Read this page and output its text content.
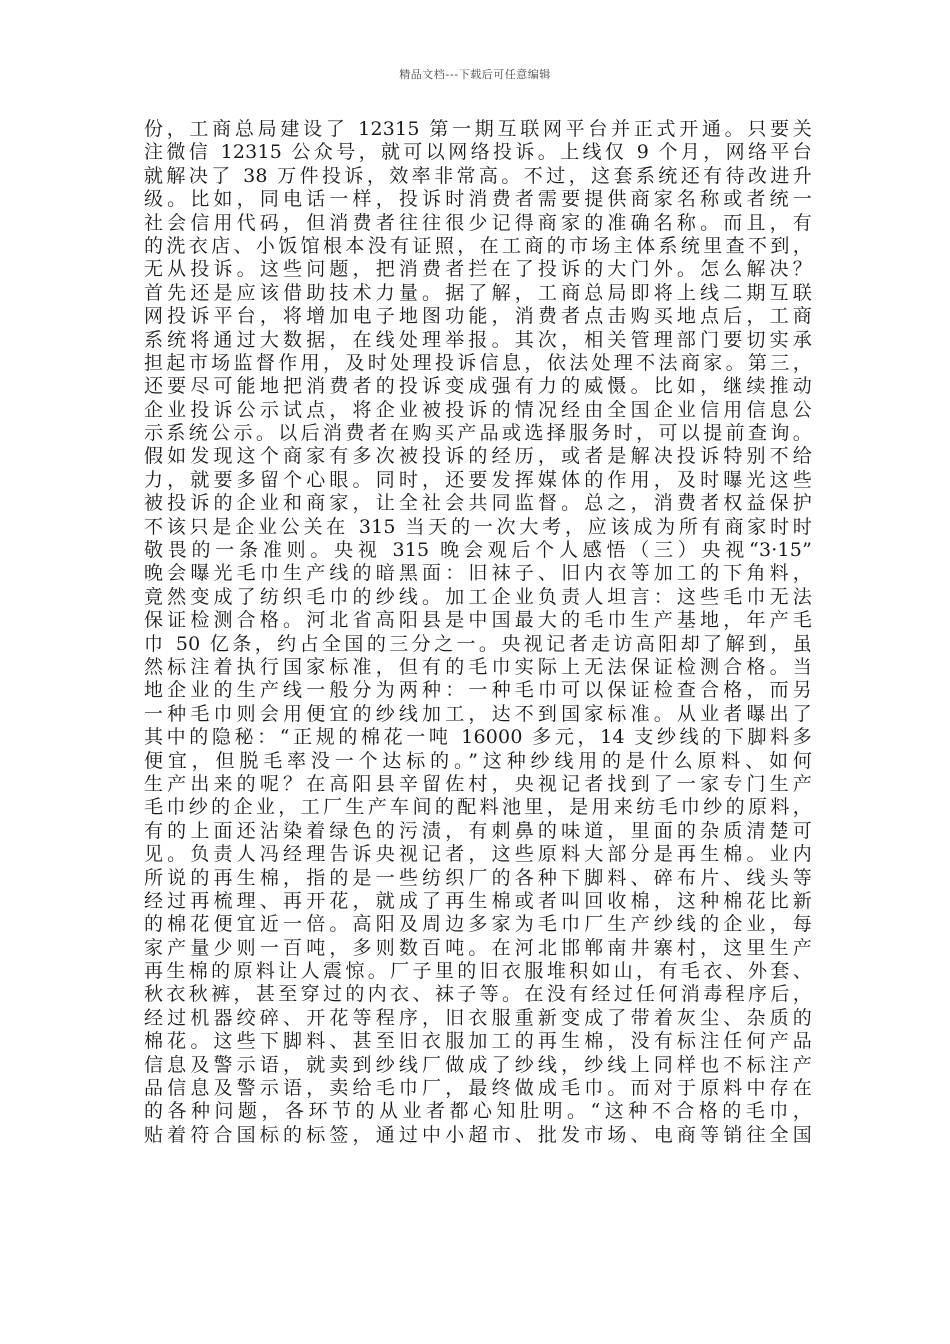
精品文档---下载后可任意编辑
份，工商总局建设了 12315 第一期互联网平台并正式开通。只要关
注微信 12315 公众号，就可以网络投诉。上线仅 9 个月，网络平台
就解决了 38 万件投诉，效率非常高。不过，这套系统还有待改进升
级。比如，同电话一样，投诉时消费者需要提供商家名称或者统一
社会信用代码，但消费者往往很少记得商家的准确名称。而且，有
的洗衣店、小饭馆根本没有证照，在工商的市场主体系统里查不到，
无从投诉。这些问题，把消费者拦在了投诉的大门外。怎么解决？
首先还是应该借助技术力量。据了解，工商总局即将上线二期互联
网投诉平台，将增加电子地图功能，消费者点击购买地点后，工商
系统将通过大数据，在线处理举报。其次，相关管理部门要切实承
担起市场监督作用，及时处理投诉信息，依法处理不法商家。第三，
还要尽可能地把消费者的投诉变成强有力的威慑。比如，继续推动
企业投诉公示试点，将企业被投诉的情况经由全国企业信用信息公
示系统公示。以后消费者在购买产品或选择服务时，可以提前查询。
假如发现这个商家有多次被投诉的经历，或者是解决投诉特别不给
力，就要多留个心眼。同时，还要发挥媒体的作用，及时曝光这些
被投诉的企业和商家，让全社会共同监督。总之，消费者权益保护
不该只是企业公关在 315 当天的一次大考，应该成为所有商家时时
敬畏的一条准则。央视 315 晚会观后个人感悟（三）央视“3·15”
晚会曝光毛巾生产线的暗黑面：旧袜子、旧内衣等加工的下角料，
竟然变成了纺织毛巾的纱线。加工企业负责人坦言：这些毛巾无法
保证检测合格。河北省高阳县是中国最大的毛巾生产基地，年产毛
巾 50 亿条，约占全国的三分之一。央视记者走访高阳却了解到，虽
然标注着执行国家标准，但有的毛巾实际上无法保证检测合格。当
地企业的生产线一般分为两种：一种毛巾可以保证检查合格，而另
一种毛巾则会用便宜的纱线加工，达不到国家标准。从业者曝出了
其中的隐秘：“正规的棉花一吨 16000 多元，14 支纱线的下脚料多
便宜，但脱毛率没一个达标的。”这种纱线用的是什么原料、如何
生产出来的呢？在高阳县辛留佐村，央视记者找到了一家专门生产
毛巾纱的企业，工厂生产车间的配料池里，是用来纺毛巾纱的原料，
有的上面还沾染着绿色的污渍，有刺鼻的味道，里面的杂质清楚可
见。负责人冯经理告诉央视记者，这些原料大部分是再生棉。业内
所说的再生棉，指的是一些纺织厂的各种下脚料、碎布片、线头等
经过再梳理、再开花，就成了再生棉或者叫回收棉，这种棉花比新
的棉花便宜近一倍。高阳及周边多家为毛巾厂生产纱线的企业，每
家产量少则一百吨，多则数百吨。在河北邯郸南井寨村，这里生产
再生棉的原料让人震惊。厂子里的旧衣服堆积如山，有毛衣、外套、
秋衣秋裤，甚至穿过的内衣、袜子等。在没有经过任何消毒程序后，
经过机器绞碎、开花等程序，旧衣服重新变成了带着灰尘、杂质的
棉花。这些下脚料、甚至旧衣服加工的再生棉，没有标注任何产品
信息及警示语，就卖到纱线厂做成了纱线，纱线上同样也不标注产
品信息及警示语，卖给毛巾厂，最终做成毛巾。而对于原料中存在
的各种问题，各环节的从业者都心知肚明。“这种不合格的毛巾，
贴着符合国标的标签，通过中小超市、批发市场、电商等销往全国
